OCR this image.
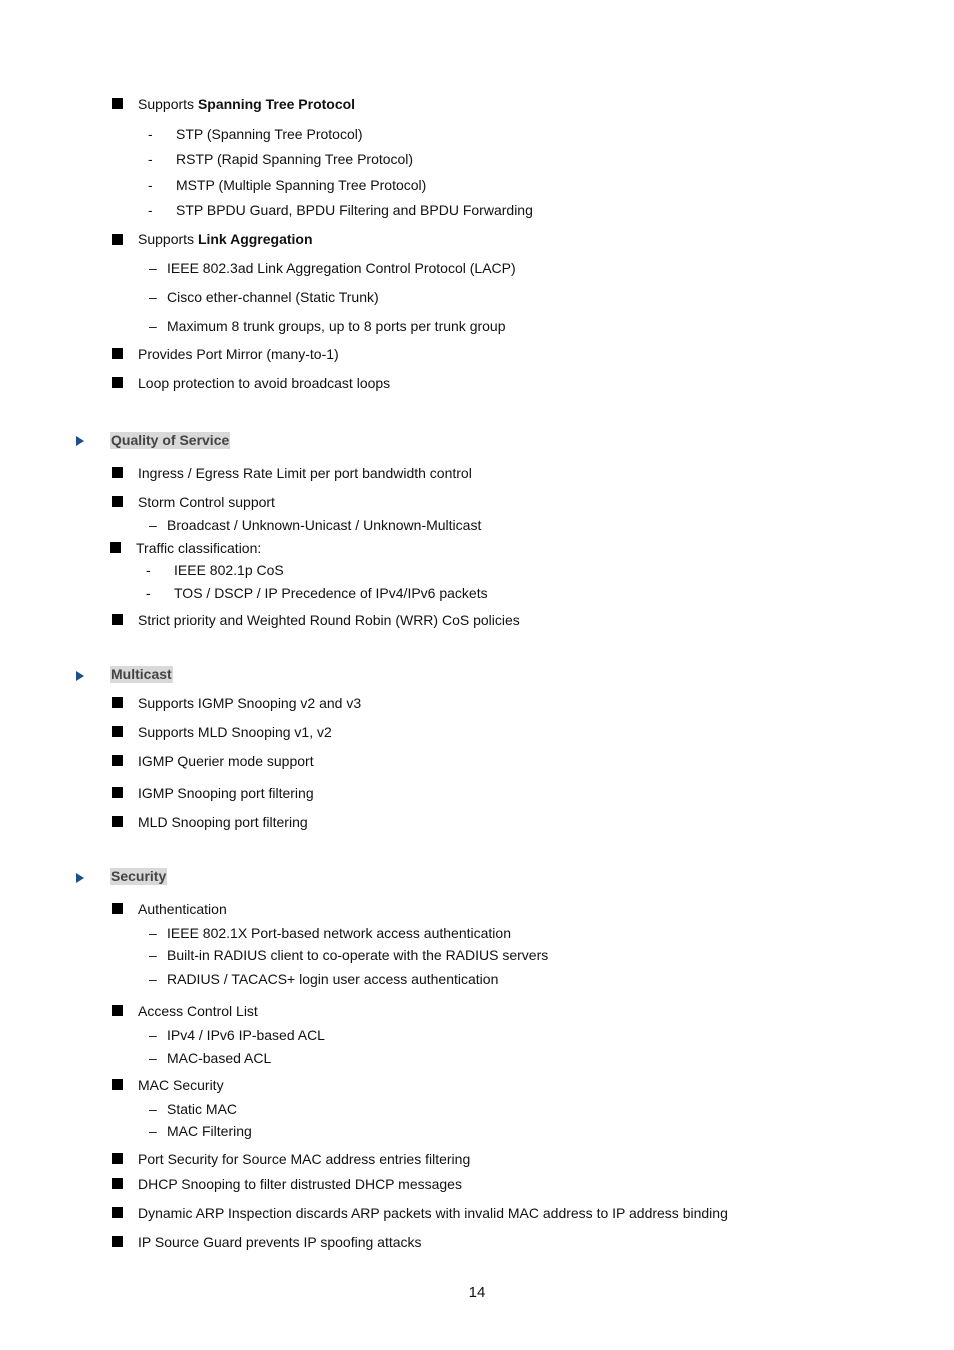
Supports Spanning Tree Protocol
-	STP (Spanning Tree Protocol)
-	RSTP (Rapid Spanning Tree Protocol)
-	MSTP (Multiple Spanning Tree Protocol)
-	STP BPDU Guard, BPDU Filtering and BPDU Forwarding
Supports Link Aggregation
– IEEE 802.3ad Link Aggregation Control Protocol (LACP)
– Cisco ether-channel (Static Trunk)
– Maximum 8 trunk groups, up to 8 ports per trunk group
Provides Port Mirror (many-to-1)
Loop protection to avoid broadcast loops
Quality of Service
Ingress / Egress Rate Limit per port bandwidth control
Storm Control support
– Broadcast / Unknown-Unicast / Unknown-Multicast
Traffic classification:
-	IEEE 802.1p CoS
-	TOS / DSCP / IP Precedence of IPv4/IPv6 packets
Strict priority and Weighted Round Robin (WRR) CoS policies
Multicast
Supports IGMP Snooping v2 and v3
Supports MLD Snooping v1, v2
IGMP Querier mode support
IGMP Snooping port filtering
MLD Snooping port filtering
Security
Authentication
– IEEE 802.1X Port-based network access authentication
– Built-in RADIUS client to co-operate with the RADIUS servers
– RADIUS / TACACS+ login user access authentication
Access Control List
– IPv4 / IPv6 IP-based ACL
– MAC-based ACL
MAC Security
– Static MAC
– MAC Filtering
Port Security for Source MAC address entries filtering
DHCP Snooping to filter distrusted DHCP messages
Dynamic ARP Inspection discards ARP packets with invalid MAC address to IP address binding
IP Source Guard prevents IP spoofing attacks
14
